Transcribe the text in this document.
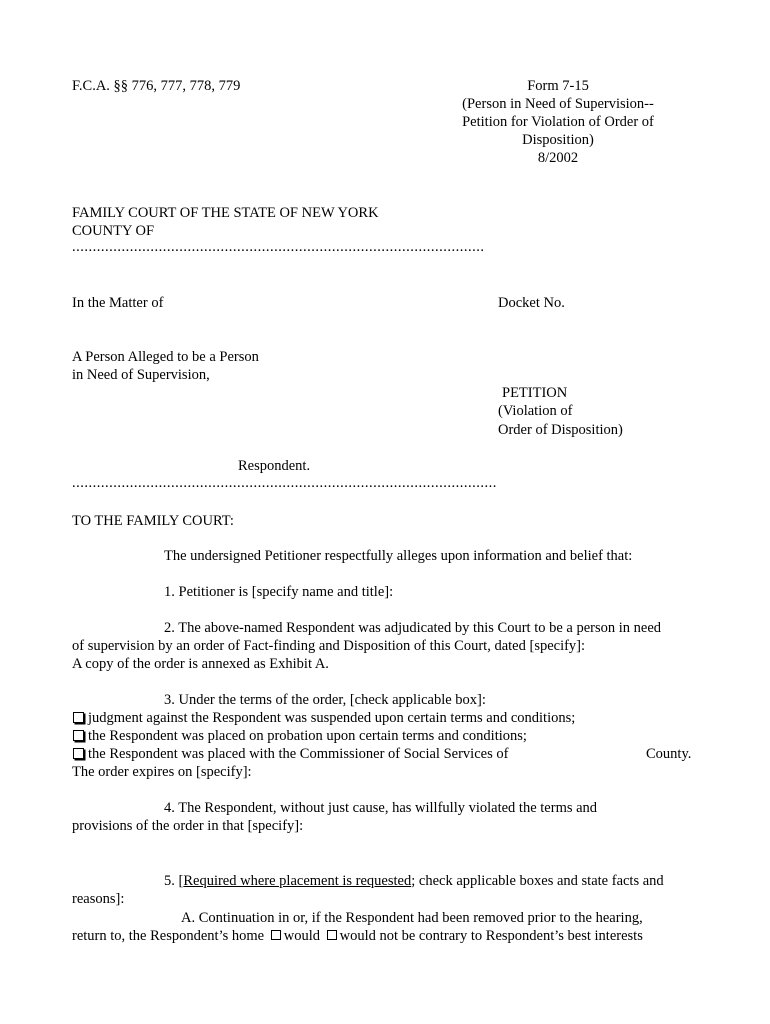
F.C.A. §§ 776, 777, 778, 779	Form 7-15
(Person in Need of Supervision--
Petition for Violation of Order of
Disposition)
8/2002
FAMILY COURT OF THE STATE OF NEW YORK
COUNTY OF
....................................................................................................
In the Matter of	Docket No.
A Person Alleged to be a Person
in Need of Supervision,
PETITION
(Violation of
Order of Disposition)
Respondent.
.......................................................................................................
TO THE FAMILY COURT:
The undersigned Petitioner respectfully alleges upon information and belief that:
1. Petitioner is [specify name and title]:
2. The above-named Respondent was adjudicated by this Court to be a person in need
of supervision by an order of Fact-finding and Disposition of this Court, dated [specify]:
A copy of the order is annexed as Exhibit A.
3. Under the terms of the order, [check applicable box]:
judgment against the Respondent was suspended upon certain terms and conditions;
the Respondent was placed on probation upon certain terms and conditions;
the Respondent was placed with the Commissioner of Social Services of	County.
The order expires on [specify]:
4. The Respondent, without just cause, has willfully violated the terms and
provisions of the order in that [specify]:
5. [Required where placement is requested; check applicable boxes and state facts and
reasons]:
A. Continuation in or, if the Respondent had been removed prior to the hearing,
return to, the Respondent’s home would would not be contrary to Respondent’s best interests
